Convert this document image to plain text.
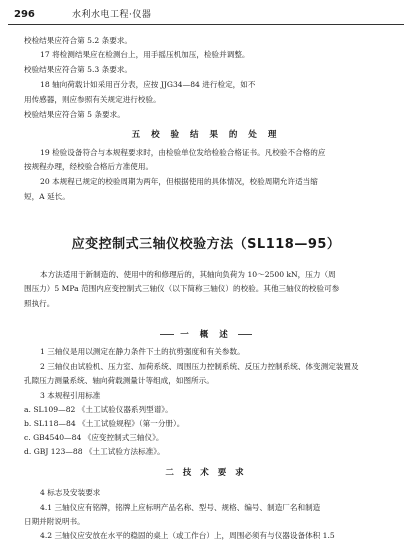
296	水利水电工程·仪器
校检结果应符合第 5.2 条要求。
17 将检测结果应在检测台上，用手摇压机加压，检验并调整。
校验结果应符合第 5.3 条要求。
18 轴向荷载计如采用百分表，应按 JJG34—84 进行检定，如不
用传感器，则应参照有关规定进行校验。
校验结果应符合第 5 条要求。
五 校 验 结 果 的 处 理
19 检验设备符合与本规程要求时，由检验单位发给检验合格证书。凡校验不合格的应
按规程办理，经校验合格后方准使用。
20 本规程已规定的校验周期为两年，但根据使用的具体情况，校验周期允许适当缩
短，A 延长。
应变控制式三轴仪校验方法（SL118—95）
本方法适用于新制造的、使用中的和修理后的，其轴向负荷为 10～2500 kN，压力（周
围压力）5 MPa 范围内应变控制式三轴仪（以下简称三轴仪）的校验。其他三轴仪的校验可参
照执行。
一 概 述
1 三轴仪是用以测定在静力条件下土的抗剪强度和有关参数。
2 三轴仪由试验机、压力室、加荷系统、周围压力控制系统、反压力控制系统、体变测定装置及
孔隙压力测量系统、轴向荷载测量计等组成，如图所示。
3 本规程引用标准
a. SL109—82 《土工试验仪器系列型谱》。
b. SL118—84 《土工试验规程》（第一分册）。
c. GB4540—84 《应变控制式三轴仪》。
d. GBJ 123—88 《土工试验方法标准》。
二 技 术 要 求
4 标志及安装要求
4.1 三轴仪应有铭牌，铭牌上应标明产品名称、型号、规格、编号、制造厂名和制造
日期并附说明书。
4.2 三轴仪应安放在水平的稳固的桌上（或工作台）上，周围必须有与仪器设备体积 1.5
